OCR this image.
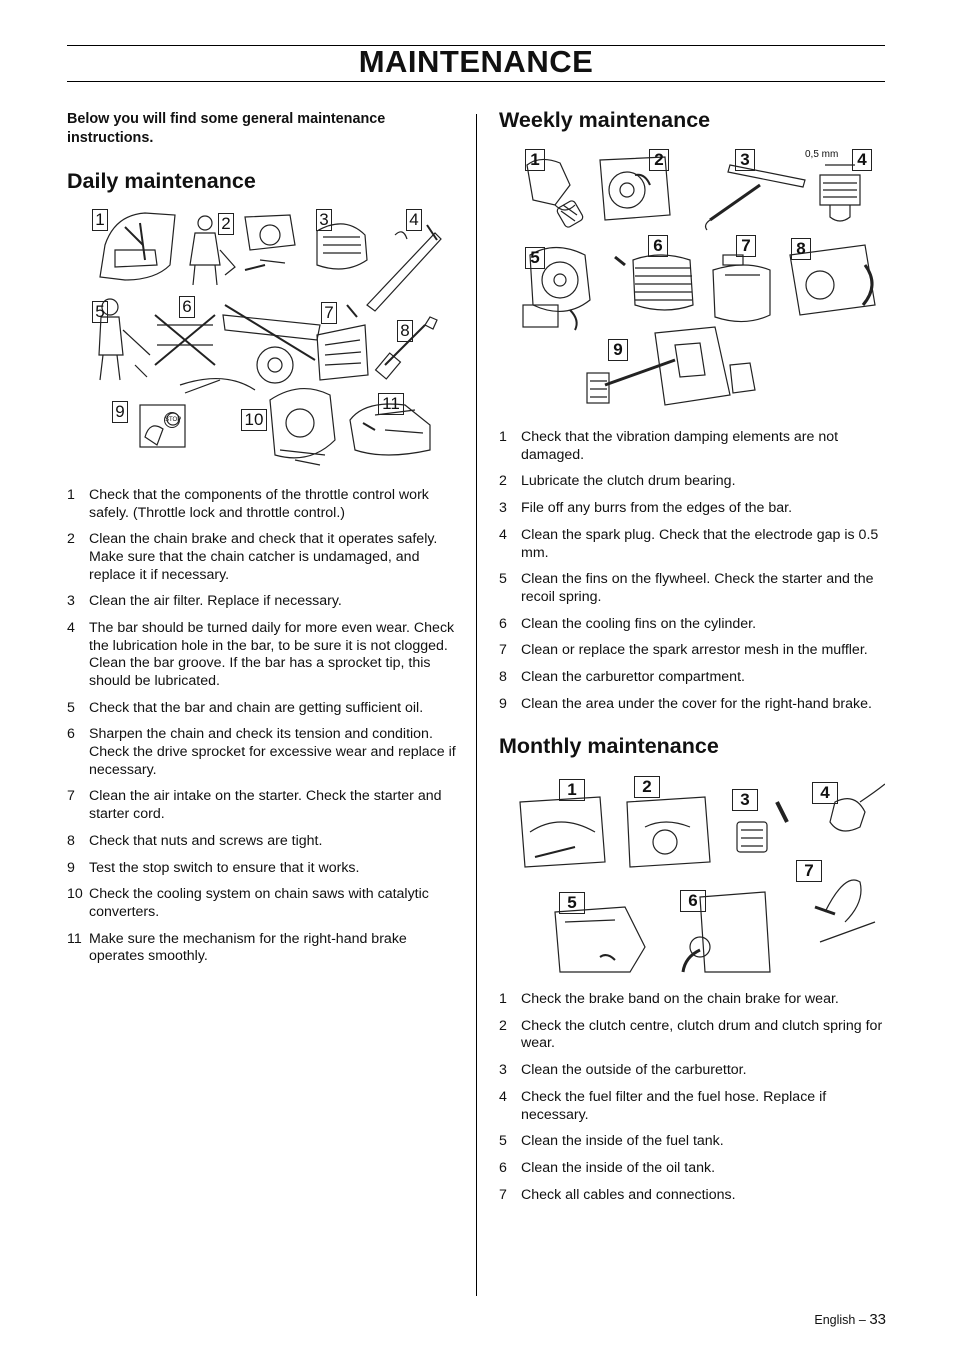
MAINTENANCE
Below you will find some general maintenance instructions.
Daily maintenance
1	2	3	4
5	6	7
8
9	10
11
STOP
1 Check that the components of the throttle control work safely. (Throttle lock and throttle control.)
2 Clean the chain brake and check that it operates safely. Make sure that the chain catcher is undamaged, and replace it if necessary.
3 Clean the air filter. Replace if necessary.
4 The bar should be turned daily for more even wear. Check the lubrication hole in the bar, to be sure it is not clogged. Clean the bar groove. If the bar has a sprocket tip, this should be lubricated.
5 Check that the bar and chain are getting sufficient oil.
6 Sharpen the chain and check its tension and condition. Check the drive sprocket for excessive wear and replace if necessary.
7 Clean the air intake on the starter. Check the starter and starter cord.
8 Check that nuts and screws are tight.
9 Test the stop switch to ensure that it works.
10 Check the cooling system on chain saws with catalytic converters.
11 Make sure the mechanism for the right-hand brake operates smoothly.
Weekly maintenance
1	2	3	4
0,5 mm
5
6	7	8
9
1 Check that the vibration damping elements are not damaged.
2 Lubricate the clutch drum bearing.
3 File off any burrs from the edges of the bar.
4 Clean the spark plug. Check that the electrode gap is 0.5 mm.
5 Clean the fins on the flywheel. Check the starter and the recoil spring.
6 Clean the cooling fins on the cylinder.
7 Clean or replace the spark arrestor mesh in the muffler.
8 Clean the carburettor compartment.
9 Clean the area under the cover for the right-hand brake.
Monthly maintenance
1	2
3	4
7
5	6
1 Check the brake band on the chain brake for wear.
2 Check the clutch centre, clutch drum and clutch spring for wear.
3 Clean the outside of the carburettor.
4 Check the fuel filter and the fuel hose. Replace if necessary.
5 Clean the inside of the fuel tank.
6 Clean the inside of the oil tank.
7 Check all cables and connections.
English – 33
